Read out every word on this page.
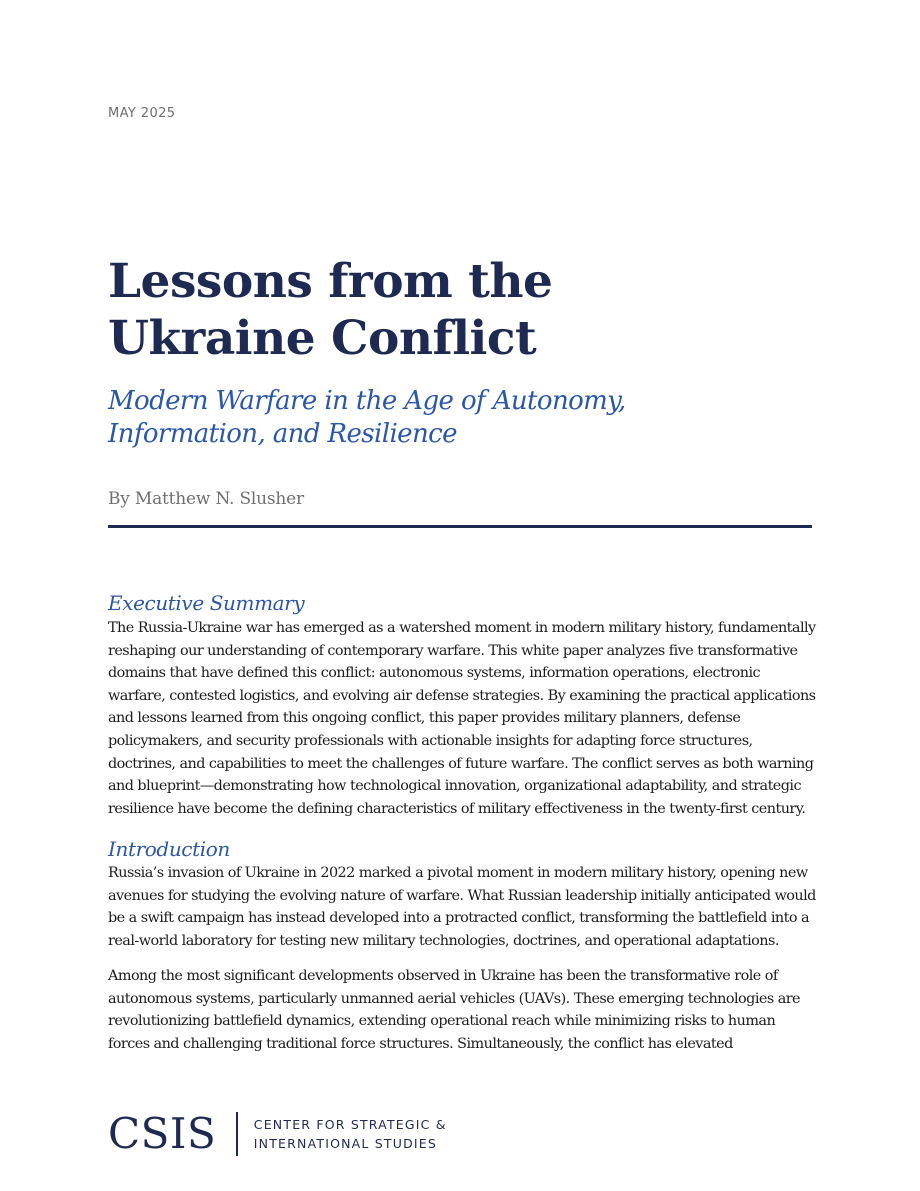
MAY 2025
Lessons from the
Ukraine Conflict
Modern Warfare in the Age of Autonomy,
Information, and Resilience
By Matthew N. Slusher
Executive Summary

The Russia-Ukraine war has emerged as a watershed moment in modern military history, fundamentally reshaping our understanding of contemporary warfare. This white paper analyzes five transformative domains that have defined this conflict: autonomous systems, information operations, electronic warfare, contested logistics, and evolving air defense strategies. By examining the practical applications and lessons learned from this ongoing conflict, this paper provides military planners, defense policymakers, and security professionals with actionable insights for adapting force structures, doctrines, and capabilities to meet the challenges of future warfare. The conflict serves as both warning and blueprint—demonstrating how technological innovation, organizational adaptability, and strategic resilience have become the defining characteristics of military effectiveness in the twenty-first century.

Introduction

Russia’s invasion of Ukraine in 2022 marked a pivotal moment in modern military history, opening new avenues for studying the evolving nature of warfare. What Russian leadership initially anticipated would be a swift campaign has instead developed into a protracted conflict, transforming the battlefield into a real-world laboratory for testing new military technologies, doctrines, and operational adaptations.

Among the most significant developments observed in Ukraine has been the transformative role of autonomous systems, particularly unmanned aerial vehicles (UAVs). These emerging technologies are revolutionizing battlefield dynamics, extending operational reach while minimizing risks to human forces and challenging traditional force structures. Simultaneously, the conflict has elevated

CSIS	CENTER FOR STRATEGIC &
INTERNATIONAL STUDIES
